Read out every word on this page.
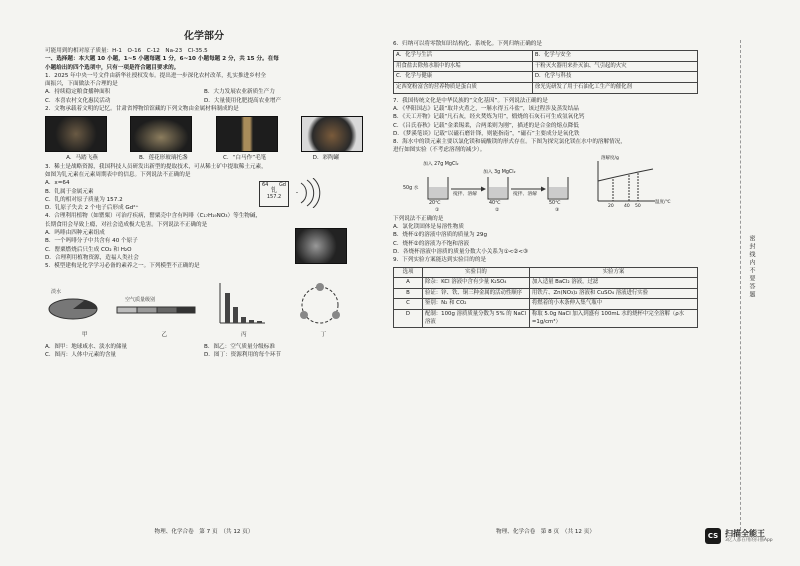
化学部分
可能用到的相对原子质量：H-1　O-16　C-12　Na-23　Cl-35.5
一、选择题：本大题 10 小题，1~5 小题每题 1 分，6~10 小题每题 2 分，共 15 分。在每
小题给出的四个选项中，只有一项是符合题目要求的。
1．2025 年中央一号文件由新华社授权发布。提出进一步深化农村改革，扎实推进乡村全
面振兴，下面做法不合理的是
A．持续稳定粮食播种面积	B．大力发展农业新质生产力
C．本喜农村文化惠民活动	D．大量使用化肥提高农业增产
2．文物承载着文明的记忆。甘肃省博物馆馆藏的下列文物由金属材料制成的是
A．马踏飞燕	B．莲花形玻璃托盏	C．“白马作”毛笔	D．彩陶罐
3．稀土是战略资源，我国科技人员研发出新型的提取技术，可从稀土矿中提取稀土元素，
如图为钆元素在元素周期表中的信息。下列说法不正确的是
A．x=64
B．钆属于金属元素
C．钆的相对原子质量为 157.2
D．钆原子失去 2 个电子后形成 Gd²⁺
64 Gd
钆
157.2
4．合理利用植物（如罂粟）可治疗疾病，罂粟壳中含有吗啡（C₁₇H₁₉NO₃）等生物碱，
长期食用会导致上瘾，对社会造成极大危害。下列说法不正确的是
A．吗啡由四种元素组成
B．一个吗啡分子中共含有 40 个原子
C．罂粟燃烧后只生成 CO₂ 和 H₂O
D．合理利用植物资源，造福人类社会
5．模型建构是化学学习必备的素养之一。下列模型不正确的是
淡水
空气质量级别
甲	乙	丙	丁
A．图甲：地球咸水、淡水的储量	B．图乙：空气质量分级标准
C．图丙：人体中元素的含量	D．图丁：资源利用的每个环节
物理、化学合卷　第 7 页　（共 12 页）
6．归纳可以将零散知识结构化、系统化。下列归纳正确的是
A．化学与生活	B．化学与安全
用食盐去除热水瓶中的水垢	干粉灭火器用来扑灭油、气引起的火灾
C．化学与健康	D．化学与科技
定西宽粉富含的营养物质是蛋白质	徐光宪研发了用于石油化工生产的催化剂
7．我国传统文化是中华民族的“文化基因”。下列说法正确的是
A．《华阳国志》记载“取井火煮之，一斛水得五斗盐”，该过程涉及蒸发结晶
B．《天工开物》记载“凡石灰，经火焚炼为用”，煅烧的石灰石可生成氢氧化钙
C．《吕氏春秋》记载“金柔锡柔，合两柔则为刚”，描述的是合金的熔点降低
D．《梦溪笔谈》记载“以磁石磨针锋，则能指南”，“磁石”主要成分是氧化铁
8．海水中的镁元素主要以氯化镁和硫酸镁的形式存在。下图为探究氯化镁在水中的溶解情况，
进行如图实验（不考虑溶剂的减少）。
加入 27g MgCl₂
加入 3g MgCl₂
50g 水
搅拌、溶解	搅拌、溶解
20℃	40℃	50℃
①	②	③
溶解度/g
温度/℃
20 40 50
下列说法不正确的是
A．氯化镁固体是易溶性物质
B．烧杯①的溶液中溶质的质量为 29g
C．烧杯②的溶液为不饱和溶液
D．各烧杯溶液中溶质的质量分数大小关系为①<②<③
9．下列实验方案能达到实验目的的是
选项	实验目的	实验方案
A	除杂：KCl 溶液中含有少量 K₂SO₄	加入适量 BaCl₂ 溶液，过滤
B	验证：锌、铁、铜三种金属的活动性顺序	用铁片、Zn(NO₃)₂ 溶液和 CuSO₄ 溶液进行实验
C	鉴别：N₂ 和 CO₂	将燃着的小木条伸入集气瓶中
D	配制：100g 溶质质量分数为 5% 的 NaCl 溶液	称取 5.0g NaCl 加入到盛有 100mL 水的烧杯中完全溶解（ρ水=1g/cm³）
物理、化学合卷　第 8 页　（共 12 页）
密封线内不要答题
CS 扫描全能王
3亿人都在用的扫描App
